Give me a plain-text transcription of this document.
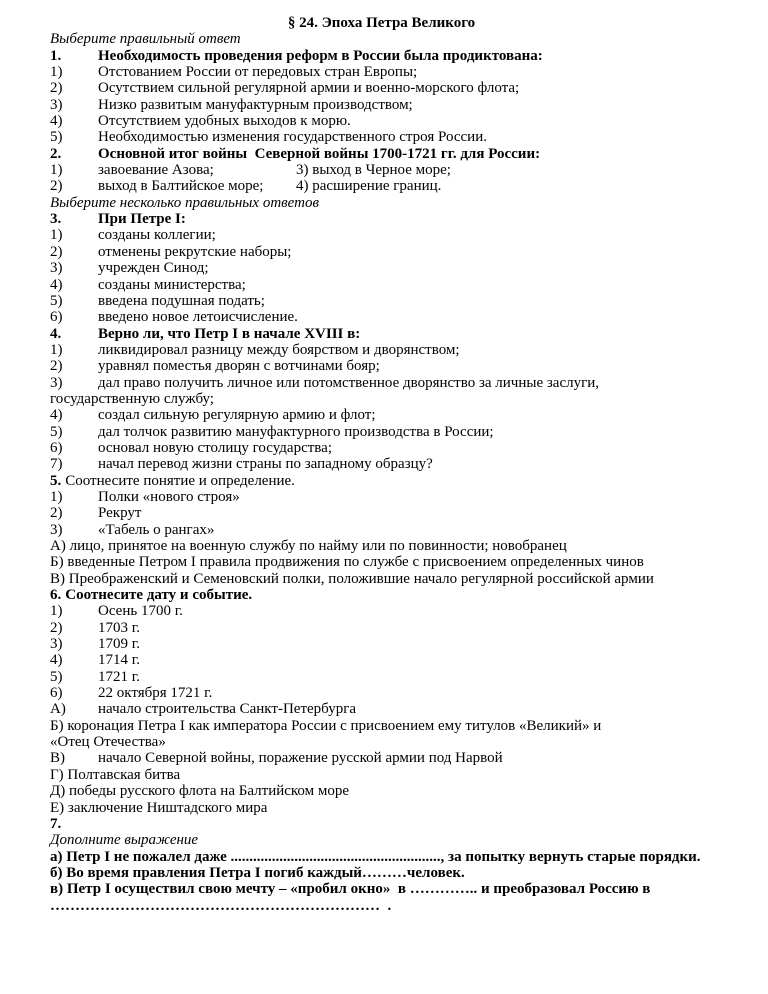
§ 24. Эпоха Петра Великого
Выберите правильный ответ
1. Необходимость проведения реформ в России была продиктована:
1) Отстованием России от передовых стран Европы;
2) Осутствием сильной регулярной армии и военно-морского флота;
3) Низко развитым мануфактурным производством;
4) Отсутствием удобных выходов к морю.
5) Необходимостью изменения государственного строя России.
2. Основной итог войны  Северной войны 1700-1721 гг. для России:
1) завоевание Азова;	3) выход в Черное море;
2) выход в Балтийское море; 4) расширение границ.
Выберите несколько правильных ответов
3. При Петре I:
1) созданы коллегии;
2) отменены рекрутские наборы;
3) учрежден Синод;
4) созданы министерства;
5) введена подушная подать;
6) введено новое летоисчисление.
4. Верно ли, что Петр I в начале XVIII в:
1) ликвидировал разницу между боярством и дворянством;
2) уравнял поместья дворян с вотчинами бояр;
3) дал право получить личное или потомственное дворянство за личные заслуги,
государственную службу;
4) создал сильную регулярную армию и флот;
5) дал толчок развитию мануфактурного производства в России;
6) основал новую столицу государства;
7) начал перевод жизни страны по западному образцу?
5. Соотнесите понятие и определение.
1) Полки «нового строя»
2) Рекрут
3) «Табель о рангах»
А) лицо, принятое на военную службу по найму или по повинности; новобранец
Б) введенные Петром I правила продвижения по службе с присвоением определенных чинов
В) Преображенский и Семеновский полки, положившие начало регулярной российской армии
6. Соотнесите дату и событие.
1) Осень 1700 г.
2) 1703 г.
3) 1709 г.
4) 1714 г.
5) 1721 г.
6) 22 октября 1721 г.
А) начало строительства Санкт-Петербурга
Б) коронация Петра I как императора России с присвоением ему титулов «Великий» и
«Отец Отечества»
В) начало Северной войны, поражение русской армии под Нарвой
Г) Полтавская битва
Д) победы русского флота на Балтийском море
Е) заключение Ништадского мира
7.
Дополните выражение
а) Петр I не пожалел даже ........................................................, за попытку вернуть старые порядки.
б) Во время правления Петра I погиб каждый………человек.
в) Петр I осуществил свою мечту – «пробил окно»  в ………….. и преобразовал Россию в
…………………………………………………………  .
